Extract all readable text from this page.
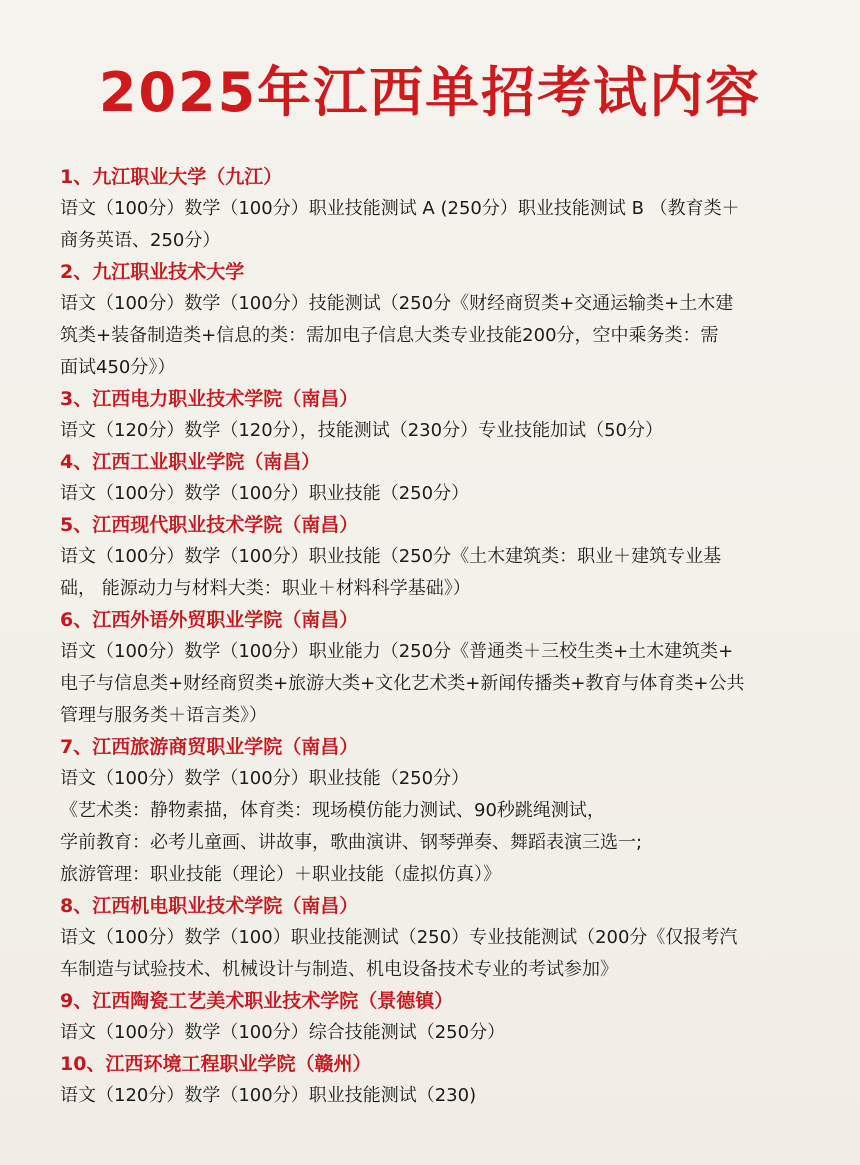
2025年江西单招考试内容
1、九江职业大学（九江）
语文（100分）数学（100分）职业技能测试 A (250分）职业技能测试 B （教育类＋
商务英语、250分）
2、九江职业技术大学
语文（100分）数学（100分）技能测试（250分《财经商贸类+交通运输类+土木建
筑类+装备制造类+信息的类：需加电子信息大类专业技能200分，空中乘务类：需
面试450分》）
3、江西电力职业技术学院（南昌）
语文（120分）数学（120分），技能测试（230分）专业技能加试（50分）
4、江西工业职业学院（南昌）
语文（100分）数学（100分）职业技能（250分）
5、江西现代职业技术学院（南昌）
语文（100分）数学（100分）职业技能（250分《土木建筑类：职业＋建筑专业基
础， 能源动力与材料大类：职业＋材料科学基础》）
6、江西外语外贸职业学院（南昌）
语文（100分）数学（100分）职业能力（250分《普通类＋三校生类+土木建筑类+
电子与信息类+财经商贸类+旅游大类+文化艺术类+新闻传播类+教育与体育类+公共
管理与服务类＋语言类》）
7、江西旅游商贸职业学院（南昌）
语文（100分）数学（100分）职业技能（250分）
《艺术类：静物素描，体育类：现场模仿能力测试、90秒跳绳测试，
学前教育：必考儿童画、讲故事，歌曲演讲、钢琴弹奏、舞蹈表演三选一;
旅游管理：职业技能（理论）＋职业技能（虚拟仿真）》
8、江西机电职业技术学院（南昌）
语文（100分）数学（100）职业技能测试（250）专业技能测试（200分《仅报考汽
车制造与试验技术、机械设计与制造、机电设备技术专业的考试参加》
9、江西陶瓷工艺美术职业技术学院（景德镇）
语文（100分）数学（100分）综合技能测试（250分）
10、江西环境工程职业学院（赣州）
语文（120分）数学（100分）职业技能测试（230)
